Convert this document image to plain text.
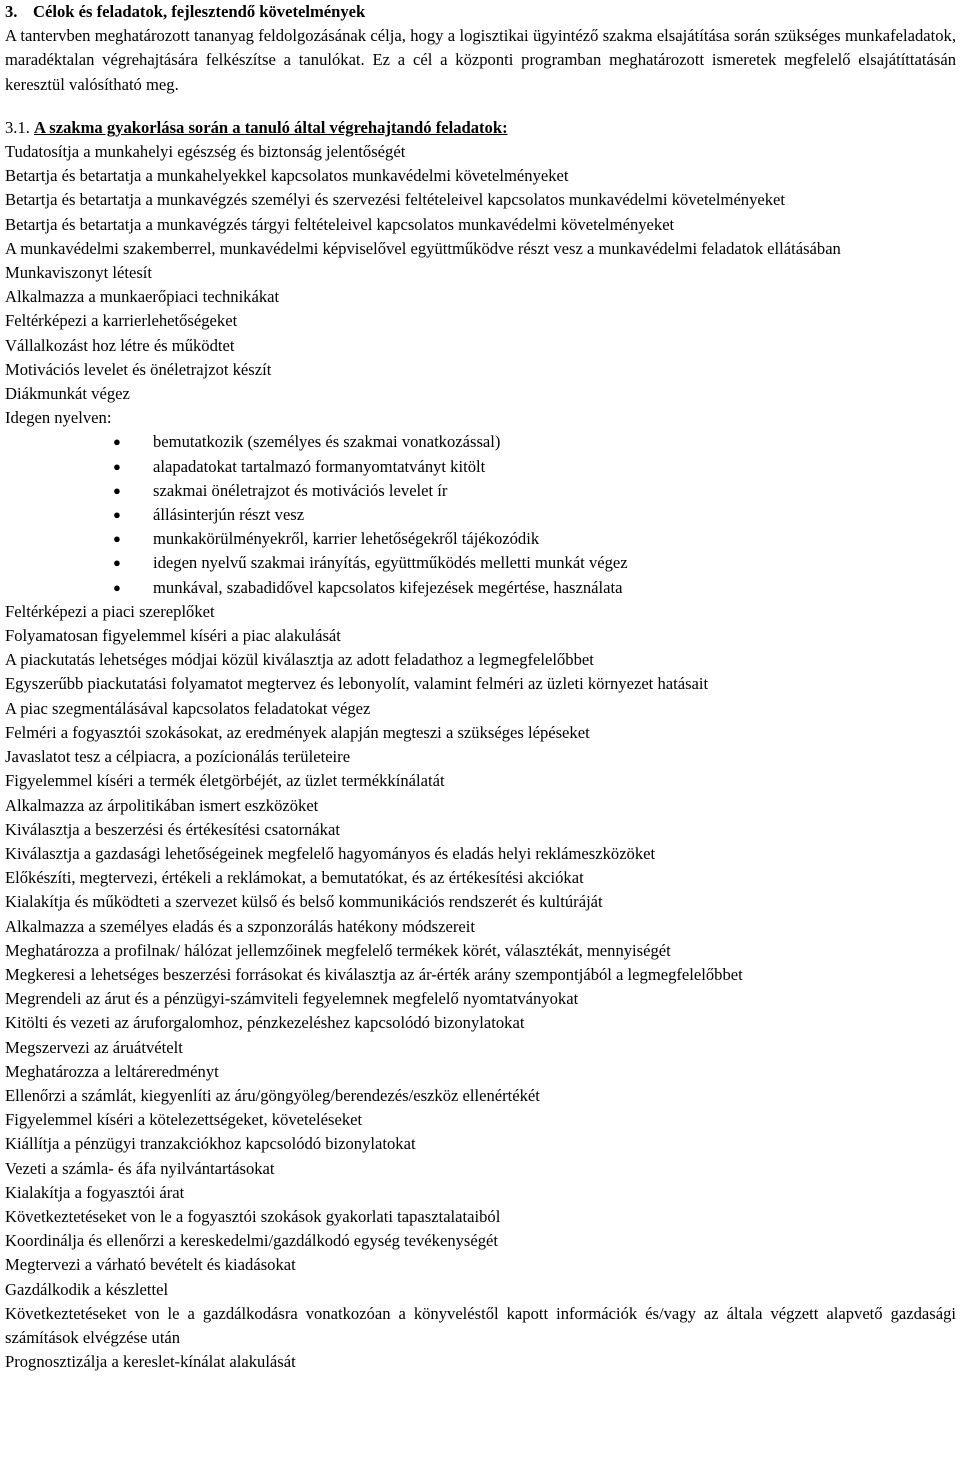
3. Célok és feladatok, fejlesztendő követelmények
A tantervben meghatározott tananyag feldolgozásának célja, hogy a logisztikai ügyintéző szakma elsajátítása során szükséges munkafeladatok, maradéktalan végrehajtására felkészítse a tanulókat. Ez a cél a központi programban meghatározott ismeretek megfelelő elsajátíttatásán keresztül valósítható meg.
3.1. A szakma gyakorlása során a tanuló által végrehajtandó feladatok:
Tudatosítja a munkahelyi egészség és biztonság jelentőségét
Betartja és betartatja a munkahelyekkel kapcsolatos munkavédelmi követelményeket
Betartja és betartatja a munkavégzés személyi és szervezési feltételeivel kapcsolatos munkavédelmi követelményeket
Betartja és betartatja a munkavégzés tárgyi feltételeivel kapcsolatos munkavédelmi követelményeket
A munkavédelmi szakemberrel, munkavédelmi képviselővel együttműködve részt vesz a munkavédelmi feladatok ellátásában
Munkaviszonyt létesít
Alkalmazza a munkaerőpiaci technikákat
Feltérképezi a karrierlehetőségeket
Vállalkozást hoz létre és működtet
Motivációs levelet és önéletrajzot készít
Diákmunkát végez
Idegen nyelven:
● bemutatkozik (személyes és szakmai vonatkozással)
● alapadatokat tartalmazó formanyomtatványt kitölt
● szakmai önéletrajzot és motivációs levelet ír
● állásinterjún részt vesz
● munkakörülményekről, karrier lehetőségekről tájékozódik
● idegen nyelvű szakmai irányítás, együttműködés melletti munkát végez
● munkával, szabadidővel kapcsolatos kifejezések megértése, használata
Feltérképezi a piaci szereplőket
Folyamatosan figyelemmel kíséri a piac alakulását
A piackutatás lehetséges módjai közül kiválasztja az adott feladathoz a legmegfelelőbbet
Egyszerűbb piackutatási folyamatot megtervez és lebonyolít, valamint felméri az üzleti környezet hatásait
A piac szegmentálásával kapcsolatos feladatokat végez
Felméri a fogyasztói szokásokat, az eredmények alapján megteszi a szükséges lépéseket
Javaslatot tesz a célpiacra, a pozícionálás területeire
Figyelemmel kíséri a termék életgörbéjét, az üzlet termékkínálatát
Alkalmazza az árpolitikában ismert eszközöket
Kiválasztja a beszerzési és értékesítési csatornákat
Kiválasztja a gazdasági lehetőségeinek megfelelő hagyományos és eladás helyi reklámeszközöket
Előkészíti, megtervezi, értékeli a reklámokat, a bemutatókat, és az értékesítési akciókat
Kialakítja és működteti a szervezet külső és belső kommunikációs rendszerét és kultúráját
Alkalmazza a személyes eladás és a szponzorálás hatékony módszereit
Meghatározza a profilnak/ hálózat jellemzőinek megfelelő termékek körét, választékát, mennyiségét
Megkeresi a lehetséges beszerzési forrásokat és kiválasztja az ár-érték arány szempontjából a legmegfelelőbbet
Megrendeli az árut és a pénzügyi-számviteli fegyelemnek megfelelő nyomtatványokat
Kitölti és vezeti az áruforgalomhoz, pénzkezeléshez kapcsolódó bizonylatokat
Megszervezi az áruátvételt
Meghatározza a leltáreredményt
Ellenőrzi a számlát, kiegyenlíti az áru/göngyöleg/berendezés/eszköz ellenértékét
Figyelemmel kíséri a kötelezettségeket, követeléseket
Kiállítja a pénzügyi tranzakciókhoz kapcsolódó bizonylatokat
Vezeti a számla- és áfa nyilvántartásokat
Kialakítja a fogyasztói árat
Következtetéseket von le a fogyasztói szokások gyakorlati tapasztalataiból
Koordinálja és ellenőrzi a kereskedelmi/gazdálkodó egység tevékenységét
Megtervezi a várható bevételt és kiadásokat
Gazdálkodik a készlettel
Következtetéseket von le a gazdálkodásra vonatkozóan a könyveléstől kapott információk és/vagy az általa végzett alapvető gazdasági számítások elvégzése után
Prognosztizálja a kereslet-kínálat alakulását
